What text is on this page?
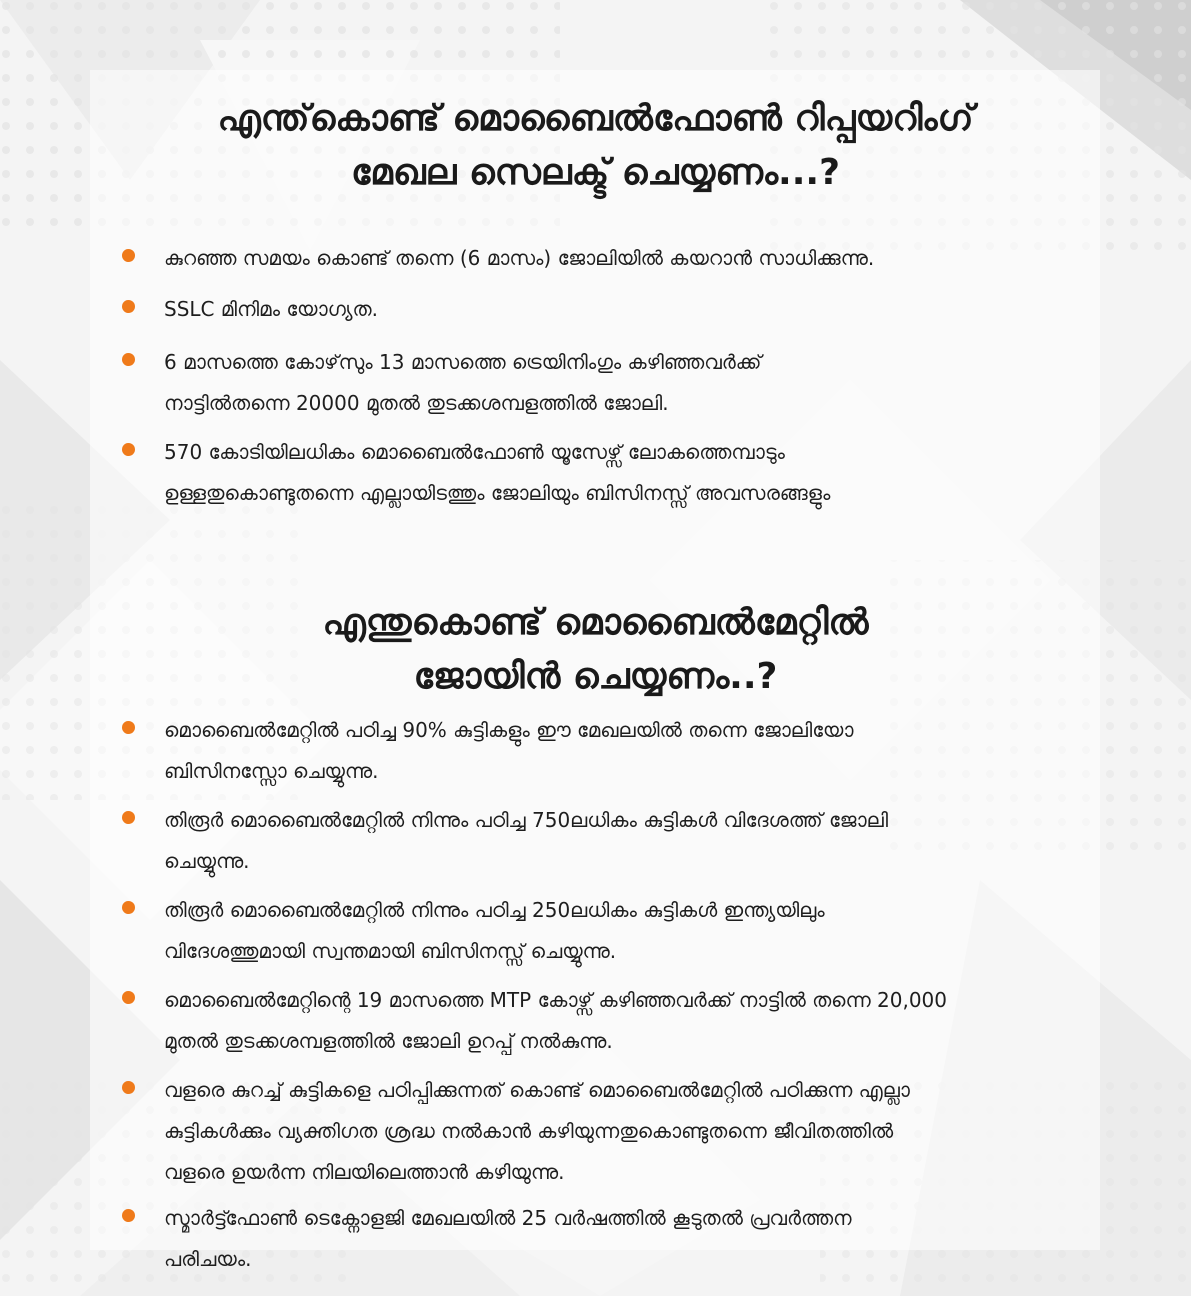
എന്ത്‌കൊണ്ട് മൊബൈൽഫോൺ റിപ്പയറിംഗ്
മേഖല സെലക്ട് ചെയ്യണം...?
കുറഞ്ഞ സമയം കൊണ്ട് തന്നെ (6 മാസം) ജോലിയിൽ കയറാൻ സാധിക്കുന്നു.
SSLC മിനിമം യോഗ്യത.
6 മാസത്തെ കോഴ്‌സും 13 മാസത്തെ ട്രെയിനിംഗും കഴിഞ്ഞവർക്ക്
നാട്ടിൽതന്നെ 20000 മുതൽ തുടക്കശമ്പളത്തിൽ ജോലി.
570 കോടിയിലധികം മൊബൈൽഫോൺ യൂസേഴ്സ് ലോകത്തെമ്പാടും
ഉള്ളതുകൊണ്ടുതന്നെ എല്ലായിടത്തും ജോലിയും ബിസിനസ്സ് അവസരങ്ങളും
എന്തുകൊണ്ട് മൊബൈൽമേറ്റിൽ
ജോയിൻ ചെയ്യണം..?
മൊബൈൽമേറ്റിൽ പഠിച്ച 90% കുട്ടികളും ഈ മേഖലയിൽ തന്നെ ജോലിയോ
ബിസിനസ്സോ ചെയ്യുന്നു.
തിരൂർ മൊബൈൽമേറ്റിൽ നിന്നും പഠിച്ച 750ലധികം കുട്ടികൾ വിദേശത്ത് ജോലി
ചെയ്യുന്നു.
തിരൂർ മൊബൈൽമേറ്റിൽ നിന്നും പഠിച്ച 250ലധികം കുട്ടികൾ ഇന്ത്യയിലും
വിദേശത്തുമായി സ്വന്തമായി ബിസിനസ്സ് ചെയ്യുന്നു.
മൊബൈൽമേറ്റിന്റെ 19 മാസത്തെ MTP കോഴ്സ് കഴിഞ്ഞവർക്ക് നാട്ടിൽ തന്നെ 20,000
മുതൽ തുടക്കശമ്പളത്തിൽ ജോലി ഉറപ്പ് നൽകുന്നു.
വളരെ കുറച്ച് കുട്ടികളെ പഠിപ്പിക്കുന്നത് കൊണ്ട് മൊബൈൽമേറ്റിൽ പഠിക്കുന്ന എല്ലാ
കുട്ടികൾക്കും വ്യക്തിഗത ശ്രദ്ധ നൽകാൻ കഴിയുന്നതുകൊണ്ടുതന്നെ ജീവിതത്തിൽ
വളരെ ഉയർന്ന നിലയിലെത്താൻ കഴിയുന്നു.
സ്മാർട്ട്ഫോൺ ടെക്നോളജി മേഖലയിൽ 25 വർഷത്തിൽ കൂടുതൽ പ്രവർത്തന
പരിചയം.
